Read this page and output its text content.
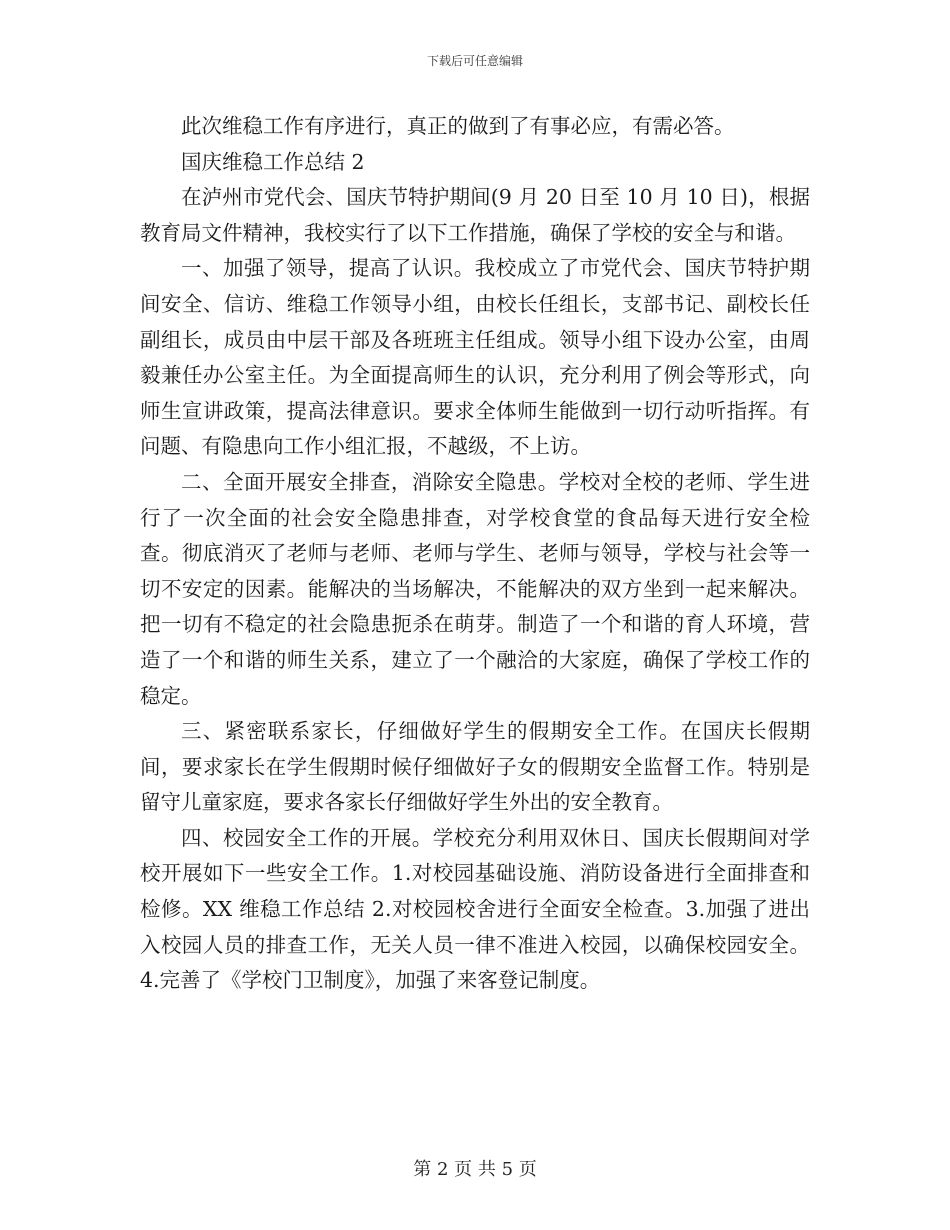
下载后可任意编辑

此次维稳工作有序进行，真正的做到了有事必应，有需必答。

国庆维稳工作总结 2

在泸州市党代会、国庆节特护期间(9 月 20 日至 10 月 10 日)，根据教育局文件精神，我校实行了以下工作措施，确保了学校的安全与和谐。

一、加强了领导，提高了认识。我校成立了市党代会、国庆节特护期间安全、信访、维稳工作领导小组，由校长任组长，支部书记、副校长任副组长，成员由中层干部及各班班主任组成。领导小组下设办公室，由周毅兼任办公室主任。为全面提高师生的认识，充分利用了例会等形式，向师生宣讲政策，提高法律意识。要求全体师生能做到一切行动听指挥。有问题、有隐患向工作小组汇报，不越级，不上访。

二、全面开展安全排查，消除安全隐患。学校对全校的老师、学生进行了一次全面的社会安全隐患排查，对学校食堂的食品每天进行安全检查。彻底消灭了老师与老师、老师与学生、老师与领导，学校与社会等一切不安定的因素。能解决的当场解决，不能解决的双方坐到一起来解决。把一切有不稳定的社会隐患扼杀在萌芽。制造了一个和谐的育人环境，营造了一个和谐的师生关系，建立了一个融洽的大家庭，确保了学校工作的稳定。

三、紧密联系家长，仔细做好学生的假期安全工作。在国庆长假期间，要求家长在学生假期时候仔细做好子女的假期安全监督工作。特别是留守儿童家庭，要求各家长仔细做好学生外出的安全教育。

四、校园安全工作的开展。学校充分利用双休日、国庆长假期间对学校开展如下一些安全工作。1.对校园基础设施、消防设备进行全面排查和检修。XX 维稳工作总结 2.对校园校舍进行全面安全检查。3.加强了进出入校园人员的排查工作，无关人员一律不准进入校园，以确保校园安全。4.完善了《学校门卫制度》，加强了来客登记制度。

第 2 页 共 5 页
